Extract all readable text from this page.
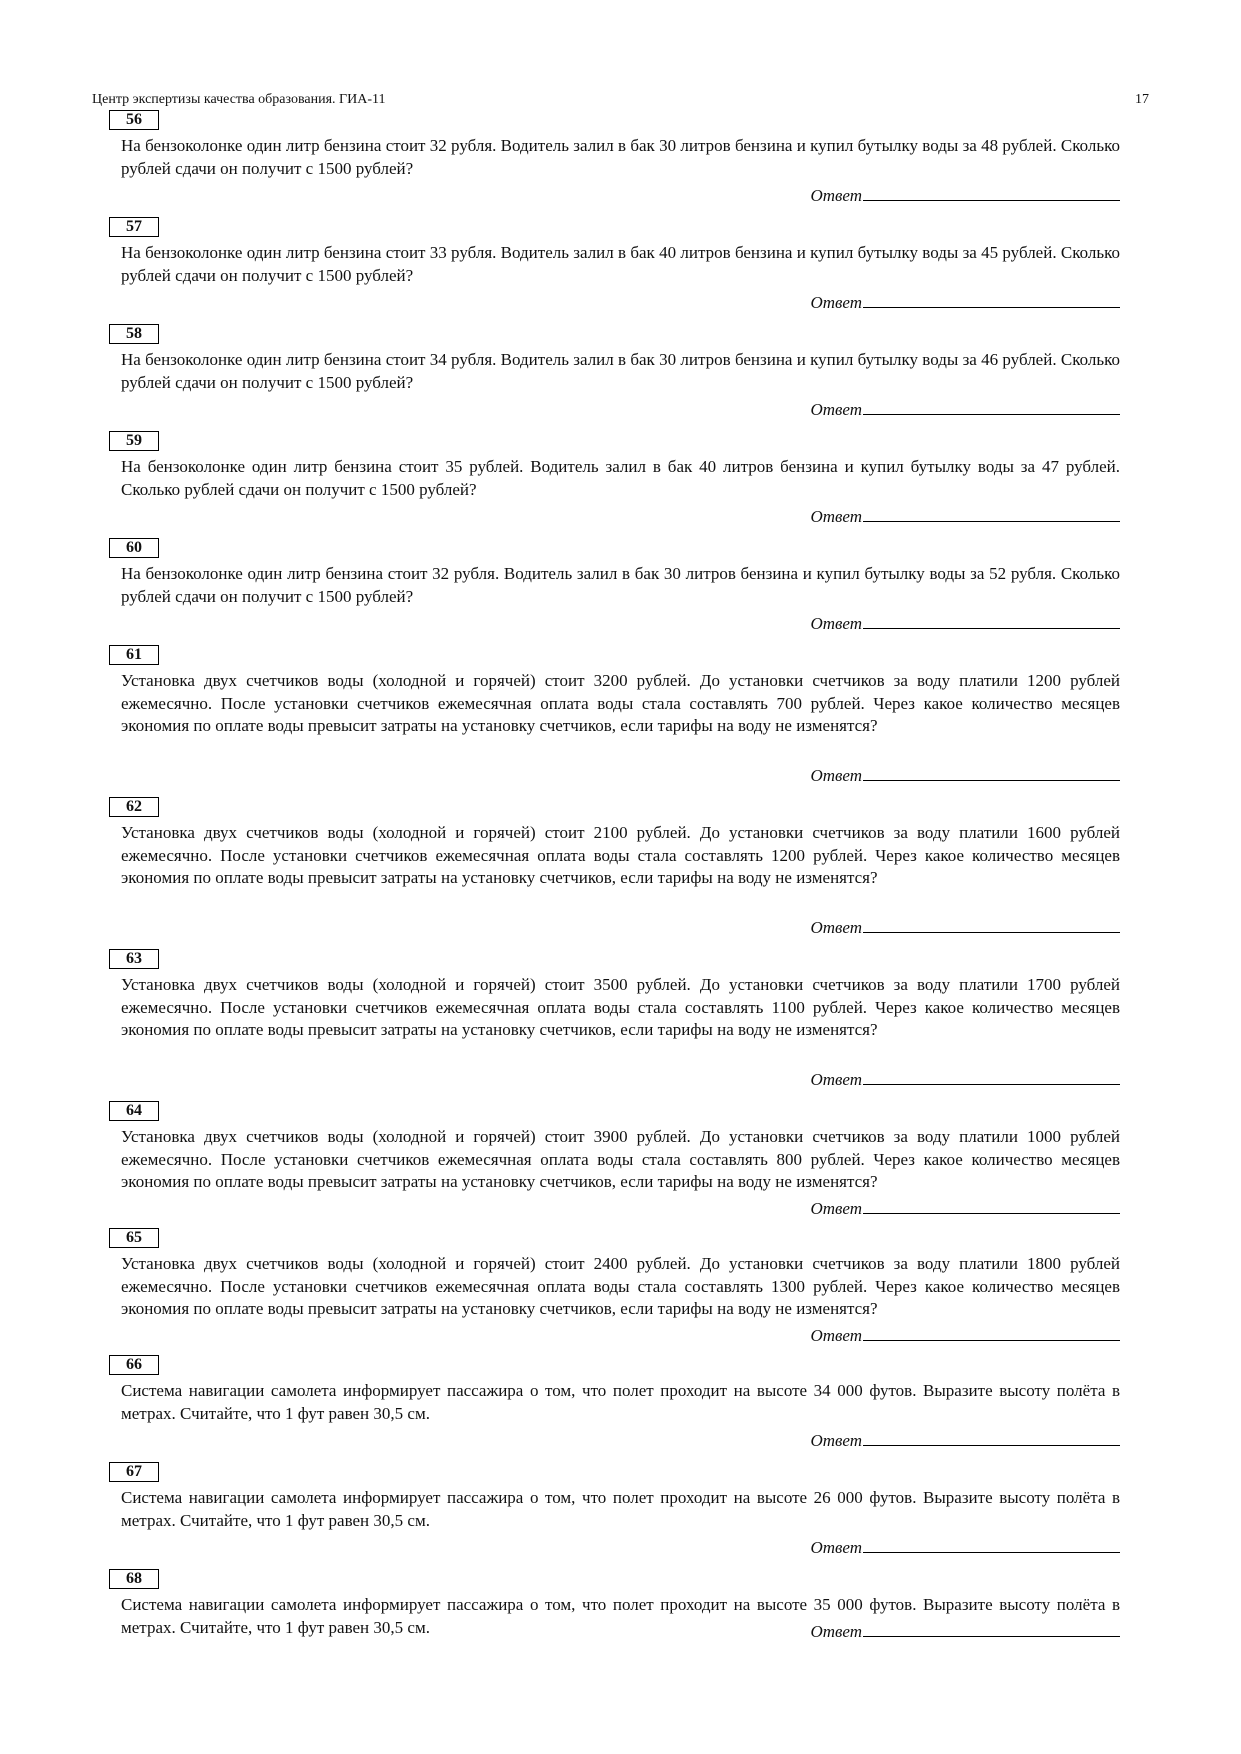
Центр экспертизы качества образования. ГИА-11	17
56
На бензоколонке один литр бензина стоит 32 рубля. Водитель залил в бак 30 литров бензина и купил бутылку воды за 48 рублей. Сколько рублей сдачи он получит с 1500 рублей?
Ответ
57
На бензоколонке один литр бензина стоит 33 рубля. Водитель залил в бак 40 литров бензина и купил бутылку воды за 45 рублей. Сколько рублей сдачи он получит с 1500 рублей?
Ответ
58
На бензоколонке один литр бензина стоит 34 рубля. Водитель залил в бак 30 литров бензина и купил бутылку воды за 46 рублей. Сколько рублей сдачи он получит с 1500 рублей?
Ответ
59
На бензоколонке один литр бензина стоит 35 рублей. Водитель залил в бак 40 литров бензина и купил бутылку воды за 47 рублей. Сколько рублей сдачи он получит с 1500 рублей?
Ответ
60
На бензоколонке один литр бензина стоит 32 рубля. Водитель залил в бак 30 литров бензина и купил бутылку воды за 52 рубля. Сколько рублей сдачи он получит с 1500 рублей?
Ответ
61
Установка двух счетчиков воды (холодной и горячей) стоит 3200 рублей. До установки счетчиков за воду платили 1200 рублей ежемесячно. После установки счетчиков ежемесячная оплата воды стала составлять 700 рублей. Через какое количество месяцев экономия по оплате воды превысит затраты на установку счетчиков, если тарифы на воду не изменятся?
Ответ
62
Установка двух счетчиков воды (холодной и горячей) стоит 2100 рублей. До установки счетчиков за воду платили 1600 рублей ежемесячно. После установки счетчиков ежемесячная оплата воды стала составлять 1200 рублей. Через какое количество месяцев экономия по оплате воды превысит затраты на установку счетчиков, если тарифы на воду не изменятся?
Ответ
63
Установка двух счетчиков воды (холодной и горячей) стоит 3500 рублей. До установки счетчиков за воду платили 1700 рублей ежемесячно. После установки счетчиков ежемесячная оплата воды стала составлять 1100 рублей. Через какое количество месяцев экономия по оплате воды превысит затраты на установку счетчиков, если тарифы на воду не изменятся?
Ответ
64
Установка двух счетчиков воды (холодной и горячей) стоит 3900 рублей. До установки счетчиков за воду платили 1000 рублей ежемесячно. После установки счетчиков ежемесячная оплата воды стала составлять 800 рублей. Через какое количество месяцев экономия по оплате воды превысит затраты на установку счетчиков, если тарифы на воду не изменятся?
Ответ
65
Установка двух счетчиков воды (холодной и горячей) стоит 2400 рублей. До установки счетчиков за воду платили 1800 рублей ежемесячно. После установки счетчиков ежемесячная оплата воды стала составлять 1300 рублей. Через какое количество месяцев экономия по оплате воды превысит затраты на установку счетчиков, если тарифы на воду не изменятся?
Ответ
66
Система навигации самолета информирует пассажира о том, что полет проходит на высоте 34 000 футов. Выразите высоту полёта в метрах. Считайте, что 1 фут равен 30,5 см.
Ответ
67
Система навигации самолета информирует пассажира о том, что полет проходит на высоте 26 000 футов. Выразите высоту полёта в метрах. Считайте, что 1 фут равен 30,5 см.
Ответ
68
Система навигации самолета информирует пассажира о том, что полет проходит на высоте 35 000 футов. Выразите высоту полёта в метрах. Считайте, что 1 фут равен 30,5 см.	Ответ
